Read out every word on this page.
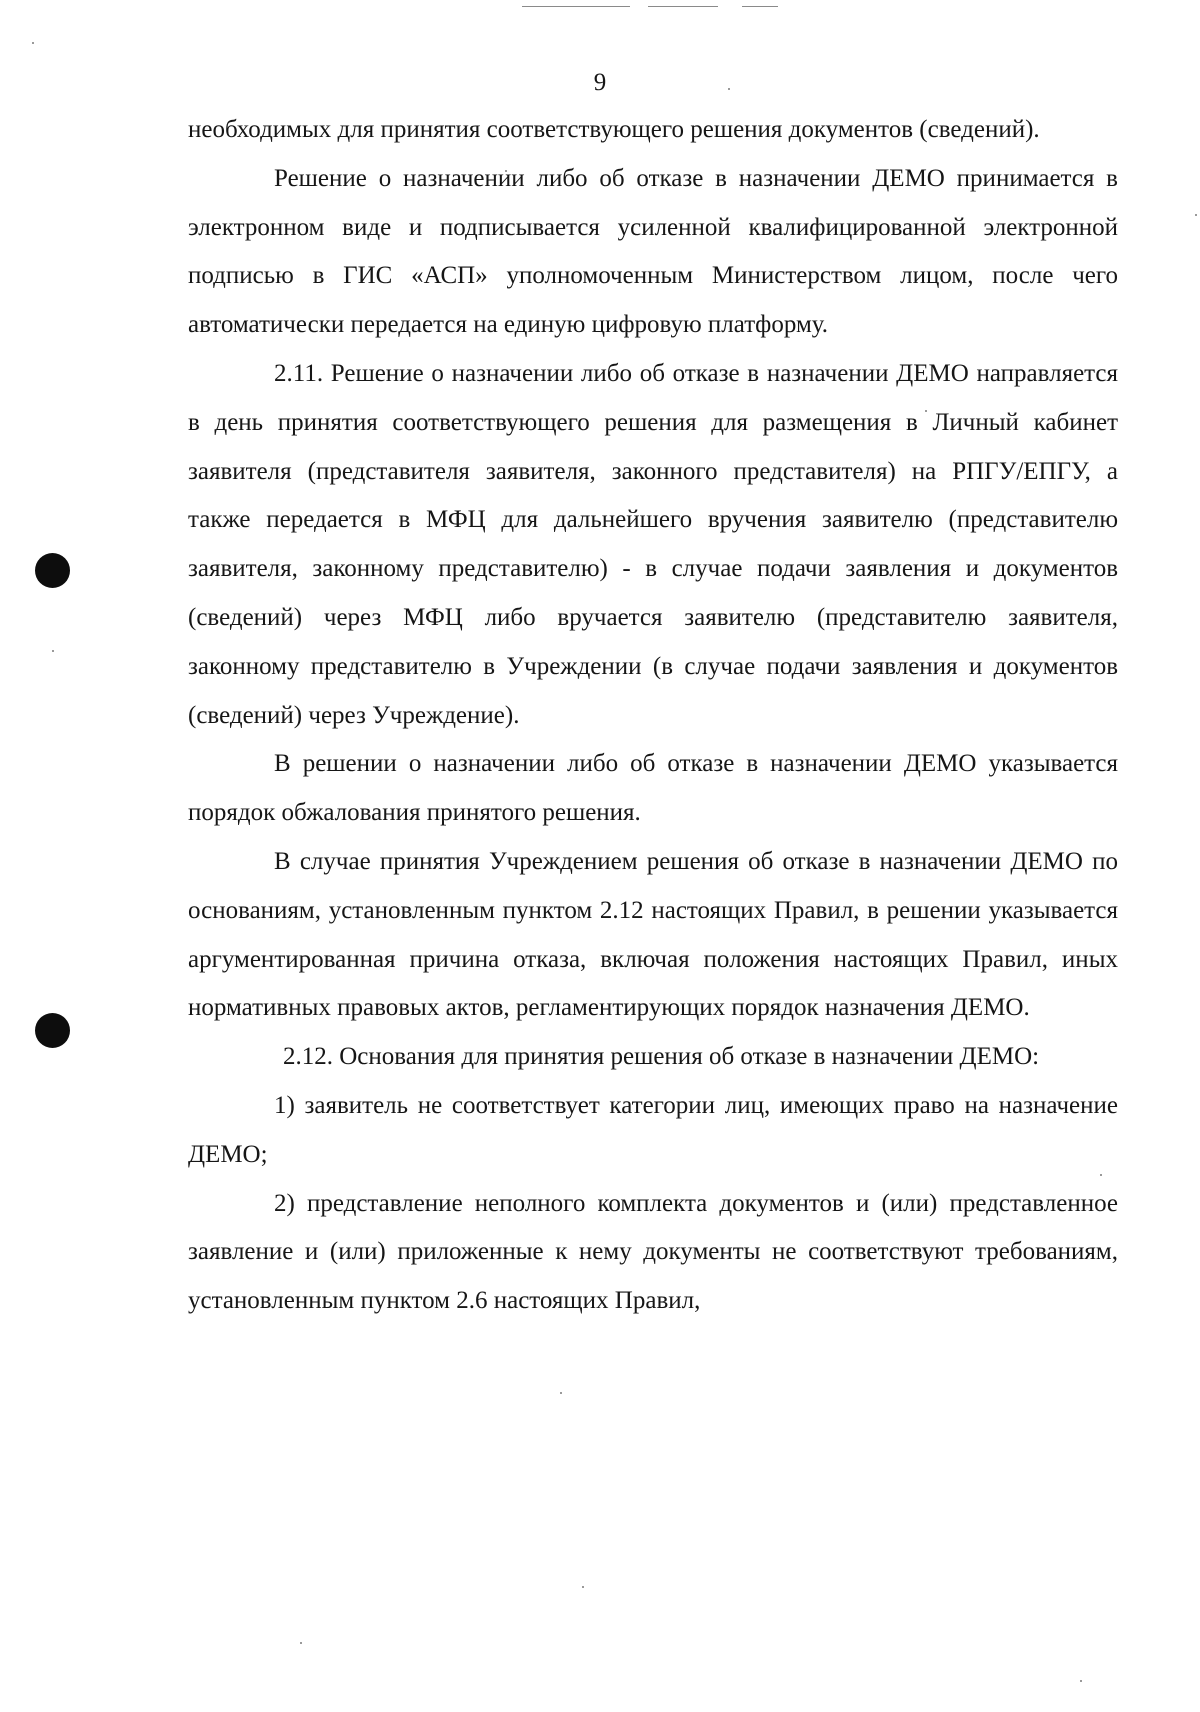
9

необходимых для принятия соответствующего решения документов (сведений).

Решение о назначении либо об отказе в назначении ДЕМО принимается в электронном виде и подписывается усиленной квалифицированной электронной подписью в ГИС «АСП» уполномоченным Министерством лицом, после чего автоматически передается на единую цифровую платформу.

2.11. Решение о назначении либо об отказе в назначении ДЕМО направляется в день принятия соответствующего решения для размещения в Личный кабинет заявителя (представителя заявителя, законного представителя) на РПГУ/ЕПГУ, а также передается в МФЦ для дальнейшего вручения заявителю (представителю заявителя, законному представителю) - в случае подачи заявления и документов (сведений) через МФЦ либо вручается заявителю (представителю заявителя, законному представителю в Учреждении (в случае подачи заявления и документов (сведений) через Учреждение).

В решении о назначении либо об отказе в назначении ДЕМО указывается порядок обжалования принятого решения.

В случае принятия Учреждением решения об отказе в назначении ДЕМО по основаниям, установленным пунктом 2.12 настоящих Правил, в решении указывается аргументированная причина отказа, включая положения настоящих Правил, иных нормативных правовых актов, регламентирующих порядок назначения ДЕМО.

2.12. Основания для принятия решения об отказе в назначении ДЕМО:

1) заявитель не соответствует категории лиц, имеющих право на назначение ДЕМО;

2) представление неполного комплекта документов и (или) представленное заявление и (или) приложенные к нему документы не соответствуют требованиям, установленным пунктом 2.6 настоящих Правил,
